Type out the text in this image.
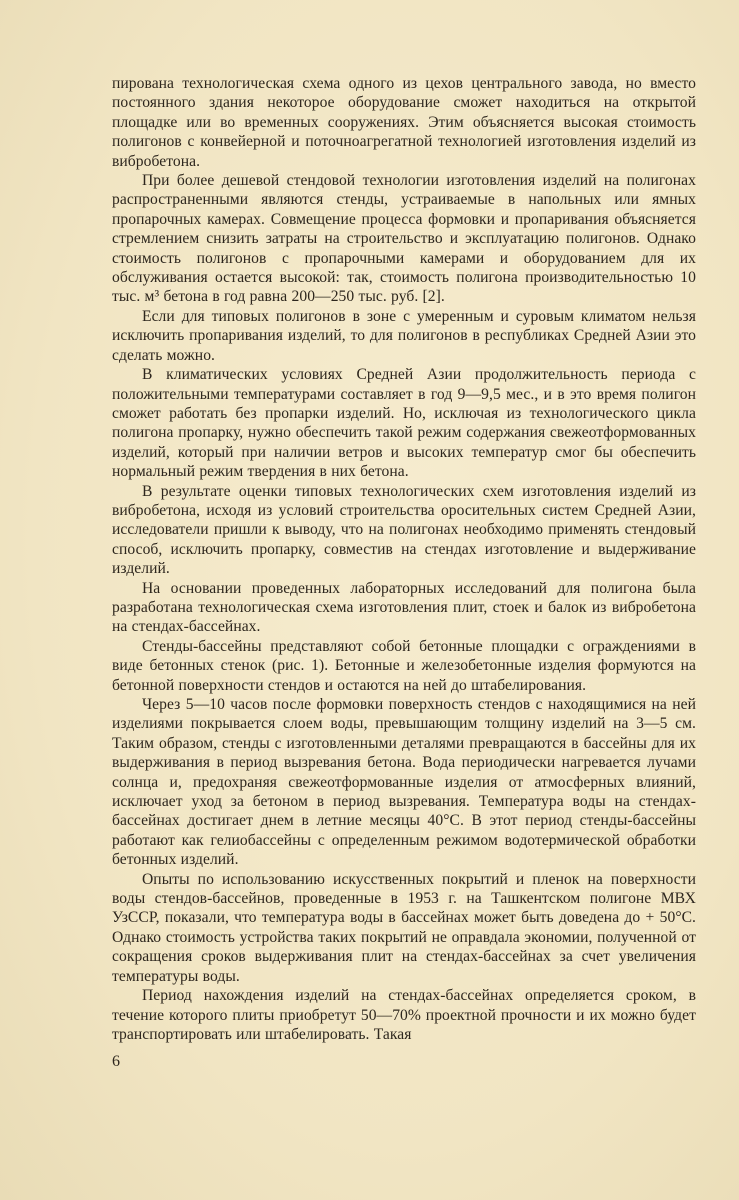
пирована технологическая схема одного из цехов центрального завода, но вместо постоянного здания некоторое оборудование сможет находиться на открытой площадке или во временных сооружениях. Этим объясняется высокая стоимость полигонов с конвейерной и поточноагрегатной технологией изготовления изделий из вибробетона.

При более дешевой стендовой технологии изготовления изделий на полигонах распространенными являются стенды, устраиваемые в напольных или ямных пропарочных камерах. Совмещение процесса формовки и пропаривания объясняется стремлением снизить затраты на строительство и эксплуатацию полигонов. Однако стоимость полигонов с пропарочными камерами и оборудованием для их обслуживания остается высокой: так, стоимость полигона производительностью 10 тыс. м³ бетона в год равна 200—250 тыс. руб. [2].

Если для типовых полигонов в зоне с умеренным и суровым климатом нельзя исключить пропаривания изделий, то для полигонов в республиках Средней Азии это сделать можно.

В климатических условиях Средней Азии продолжительность периода с положительными температурами составляет в год 9—9,5 мес., и в это время полигон сможет работать без пропарки изделий. Но, исключая из технологического цикла полигона пропарку, нужно обеспечить такой режим содержания свежеотформованных изделий, который при наличии ветров и высоких температур смог бы обеспечить нормальный режим твердения в них бетона.

В результате оценки типовых технологических схем изготовления изделий из вибробетона, исходя из условий строительства оросительных систем Средней Азии, исследователи пришли к выводу, что на полигонах необходимо применять стендовый способ, исключить пропарку, совместив на стендах изготовление и выдерживание изделий.

На основании проведенных лабораторных исследований для полигона была разработана технологическая схема изготовления плит, стоек и балок из вибробетона на стендах-бассейнах.

Стенды-бассейны представляют собой бетонные площадки с ограждениями в виде бетонных стенок (рис. 1). Бетонные и железобетонные изделия формуются на бетонной поверхности стендов и остаются на ней до штабелирования.

Через 5—10 часов после формовки поверхность стендов с находящимися на ней изделиями покрывается слоем воды, превышающим толщину изделий на 3—5 см. Таким образом, стенды с изготовленными деталями превращаются в бассейны для их выдерживания в период вызревания бетона. Вода периодически нагревается лучами солнца и, предохраняя свежеотформованные изделия от атмосферных влияний, исключает уход за бетоном в период вызревания. Температура воды на стендах-бассейнах достигает днем в летние месяцы 40°С. В этот период стенды-бассейны работают как гелиобассейны с определенным режимом водотермической обработки бетонных изделий.

Опыты по использованию искусственных покрытий и пленок на поверхности воды стендов-бассейнов, проведенные в 1953 г. на Ташкентском полигоне МВХ УзССР, показали, что температура воды в бассейнах может быть доведена до + 50°С. Однако стоимость устройства таких покрытий не оправдала экономии, полученной от сокращения сроков выдерживания плит на стендах-бассейнах за счет увеличения температуры воды.

Период нахождения изделий на стендах-бассейнах определяется сроком, в течение которого плиты приобретут 50—70% проектной прочности и их можно будет транспортировать или штабелировать. Такая

6
